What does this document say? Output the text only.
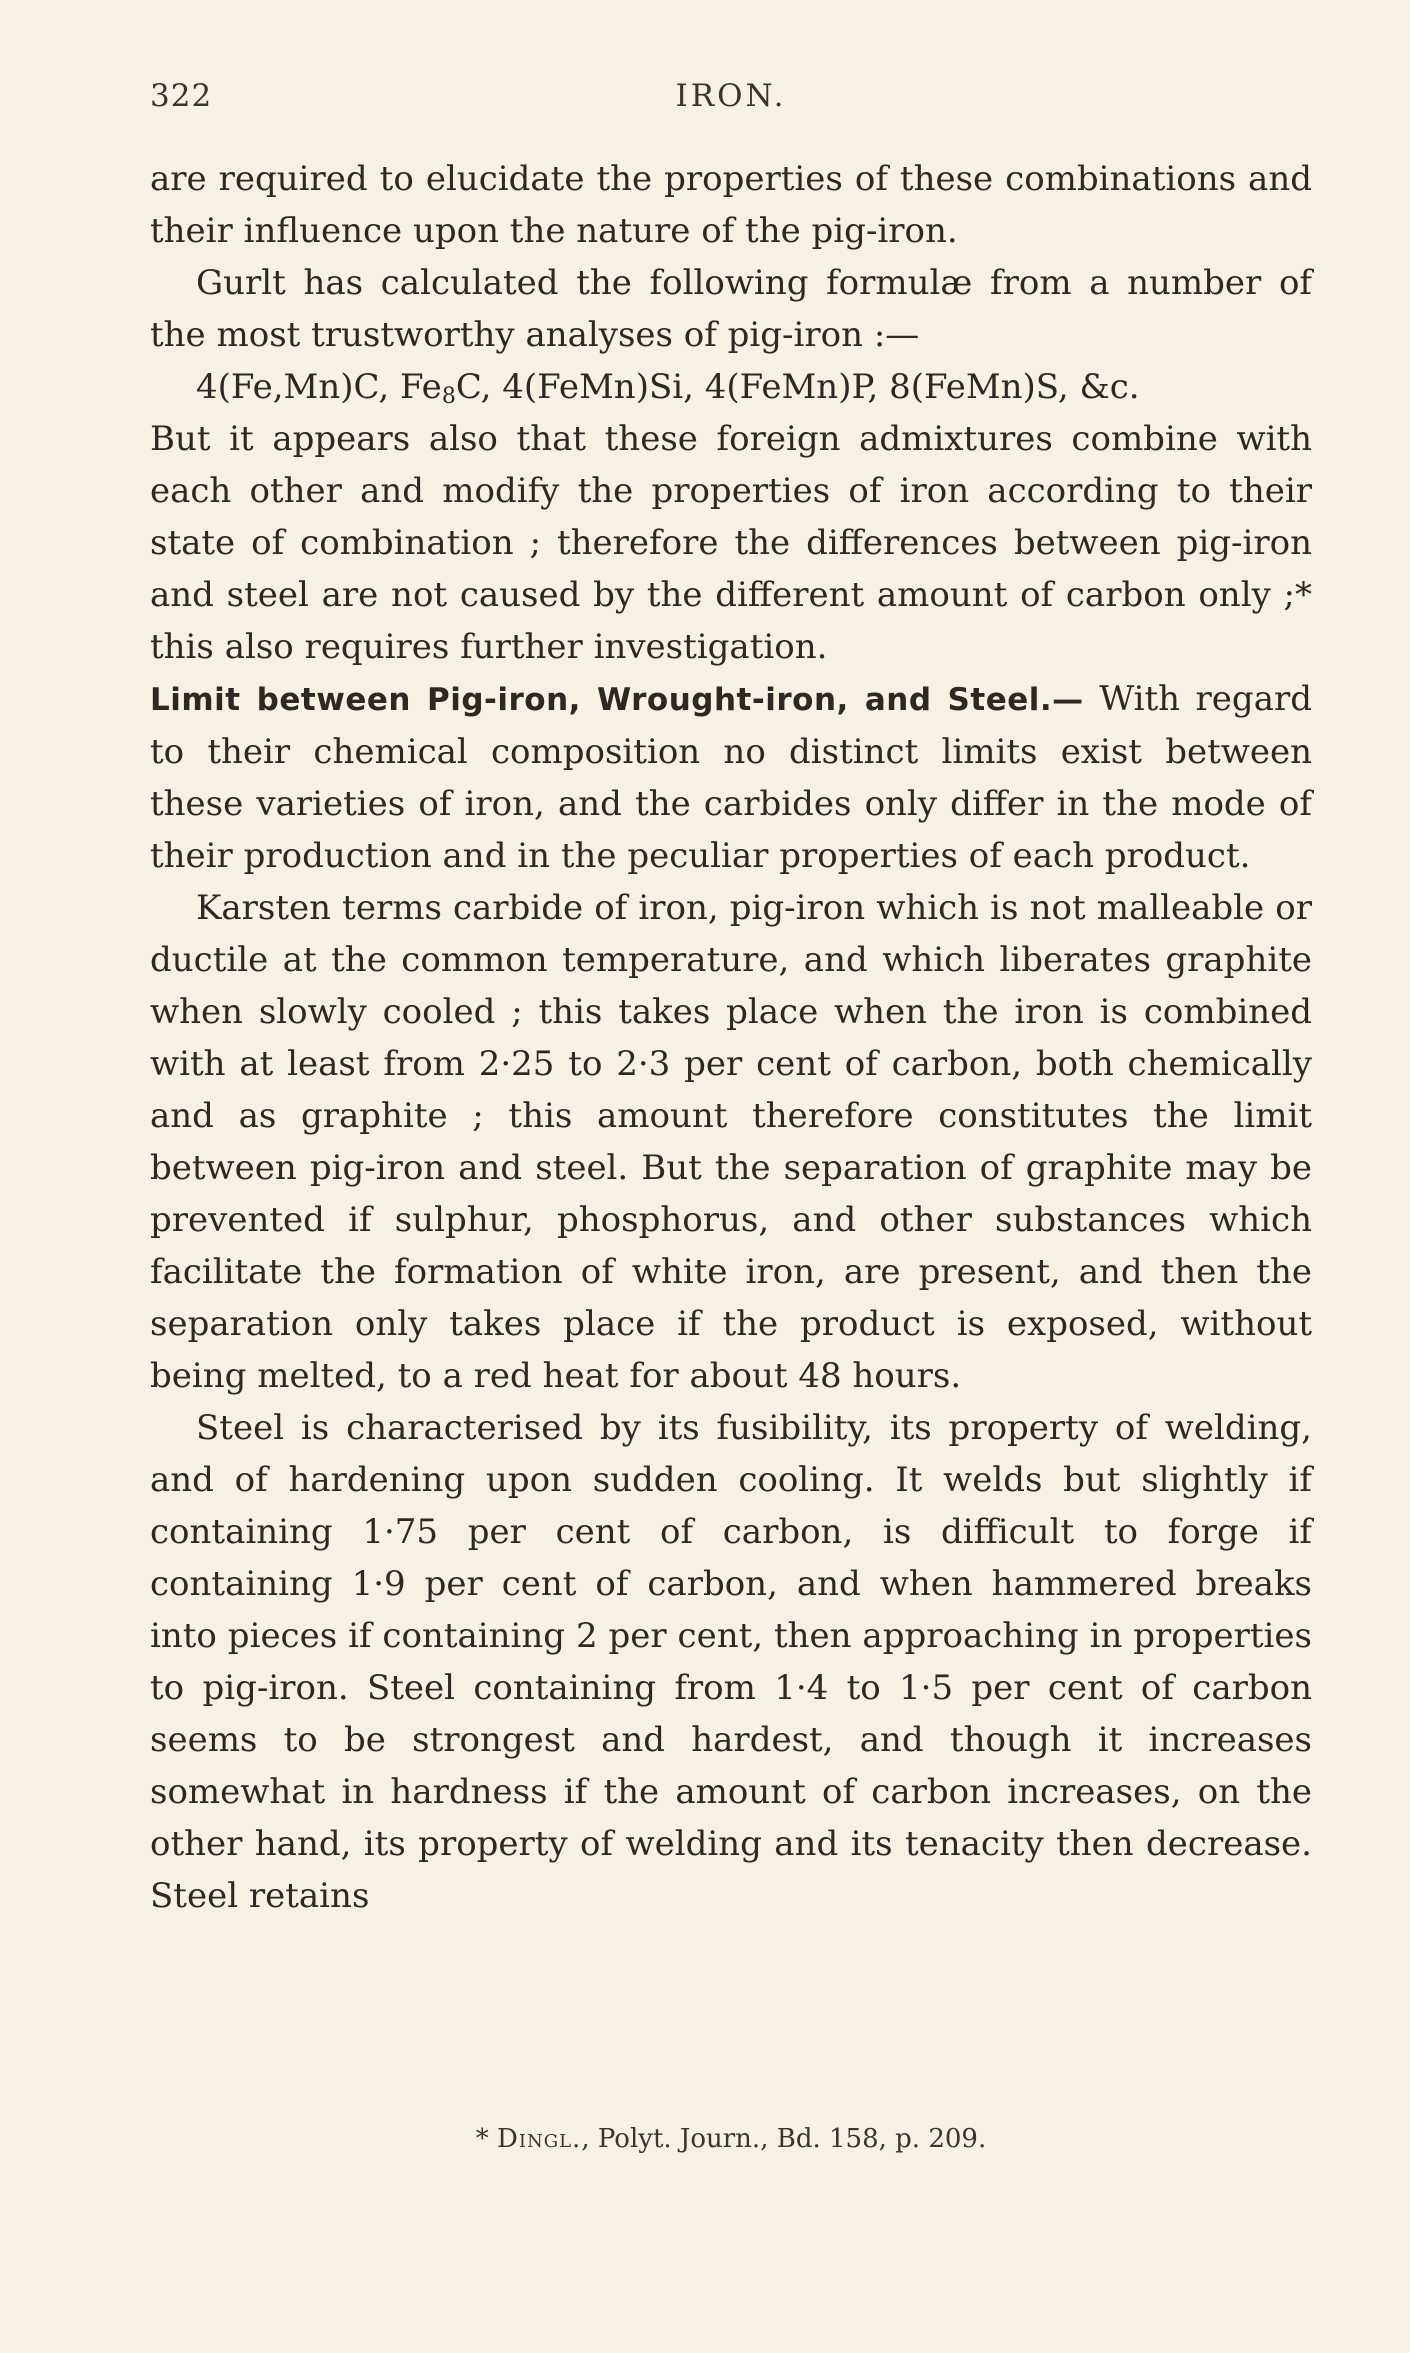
322	IRON.

are required to elucidate the properties of these combinations and their influence upon the nature of the pig-iron.

Gurlt has calculated the following formulæ from a number of the most trustworthy analyses of pig-iron :—

4(Fe,Mn)C, $Fe_8C$, 4(FeMn)Si, 4(FeMn)P, 8(FeMn)S, &c.

But it appears also that these foreign admixtures combine with each other and modify the properties of iron according to their state of combination ; therefore the differences between pig-iron and steel are not caused by the different amount of carbon only ;* this also requires further investigation.

Limit between Pig-iron, Wrought-iron, and Steel.— With regard to their chemical composition no distinct limits exist between these varieties of iron, and the carbides only differ in the mode of their production and in the peculiar properties of each product.

Karsten terms carbide of iron, pig-iron which is not malleable or ductile at the common temperature, and which liberates graphite when slowly cooled ; this takes place when the iron is combined with at least from 2·25 to 2·3 per cent of carbon, both chemically and as graphite ; this amount therefore constitutes the limit between pig-iron and steel. But the separation of graphite may be prevented if sulphur, phosphorus, and other substances which facilitate the formation of white iron, are present, and then the separation only takes place if the product is exposed, without being melted, to a red heat for about 48 hours.

Steel is characterised by its fusibility, its property of welding, and of hardening upon sudden cooling. It welds but slightly if containing 1·75 per cent of carbon, is difficult to forge if containing 1·9 per cent of carbon, and when hammered breaks into pieces if containing 2 per cent, then approaching in properties to pig-iron. Steel containing from 1·4 to 1·5 per cent of carbon seems to be strongest and hardest, and though it increases somewhat in hardness if the amount of carbon increases, on the other hand, its property of welding and its tenacity then decrease. Steel retains

* Dingl., Polyt. Journ., Bd. 158, p. 209.
